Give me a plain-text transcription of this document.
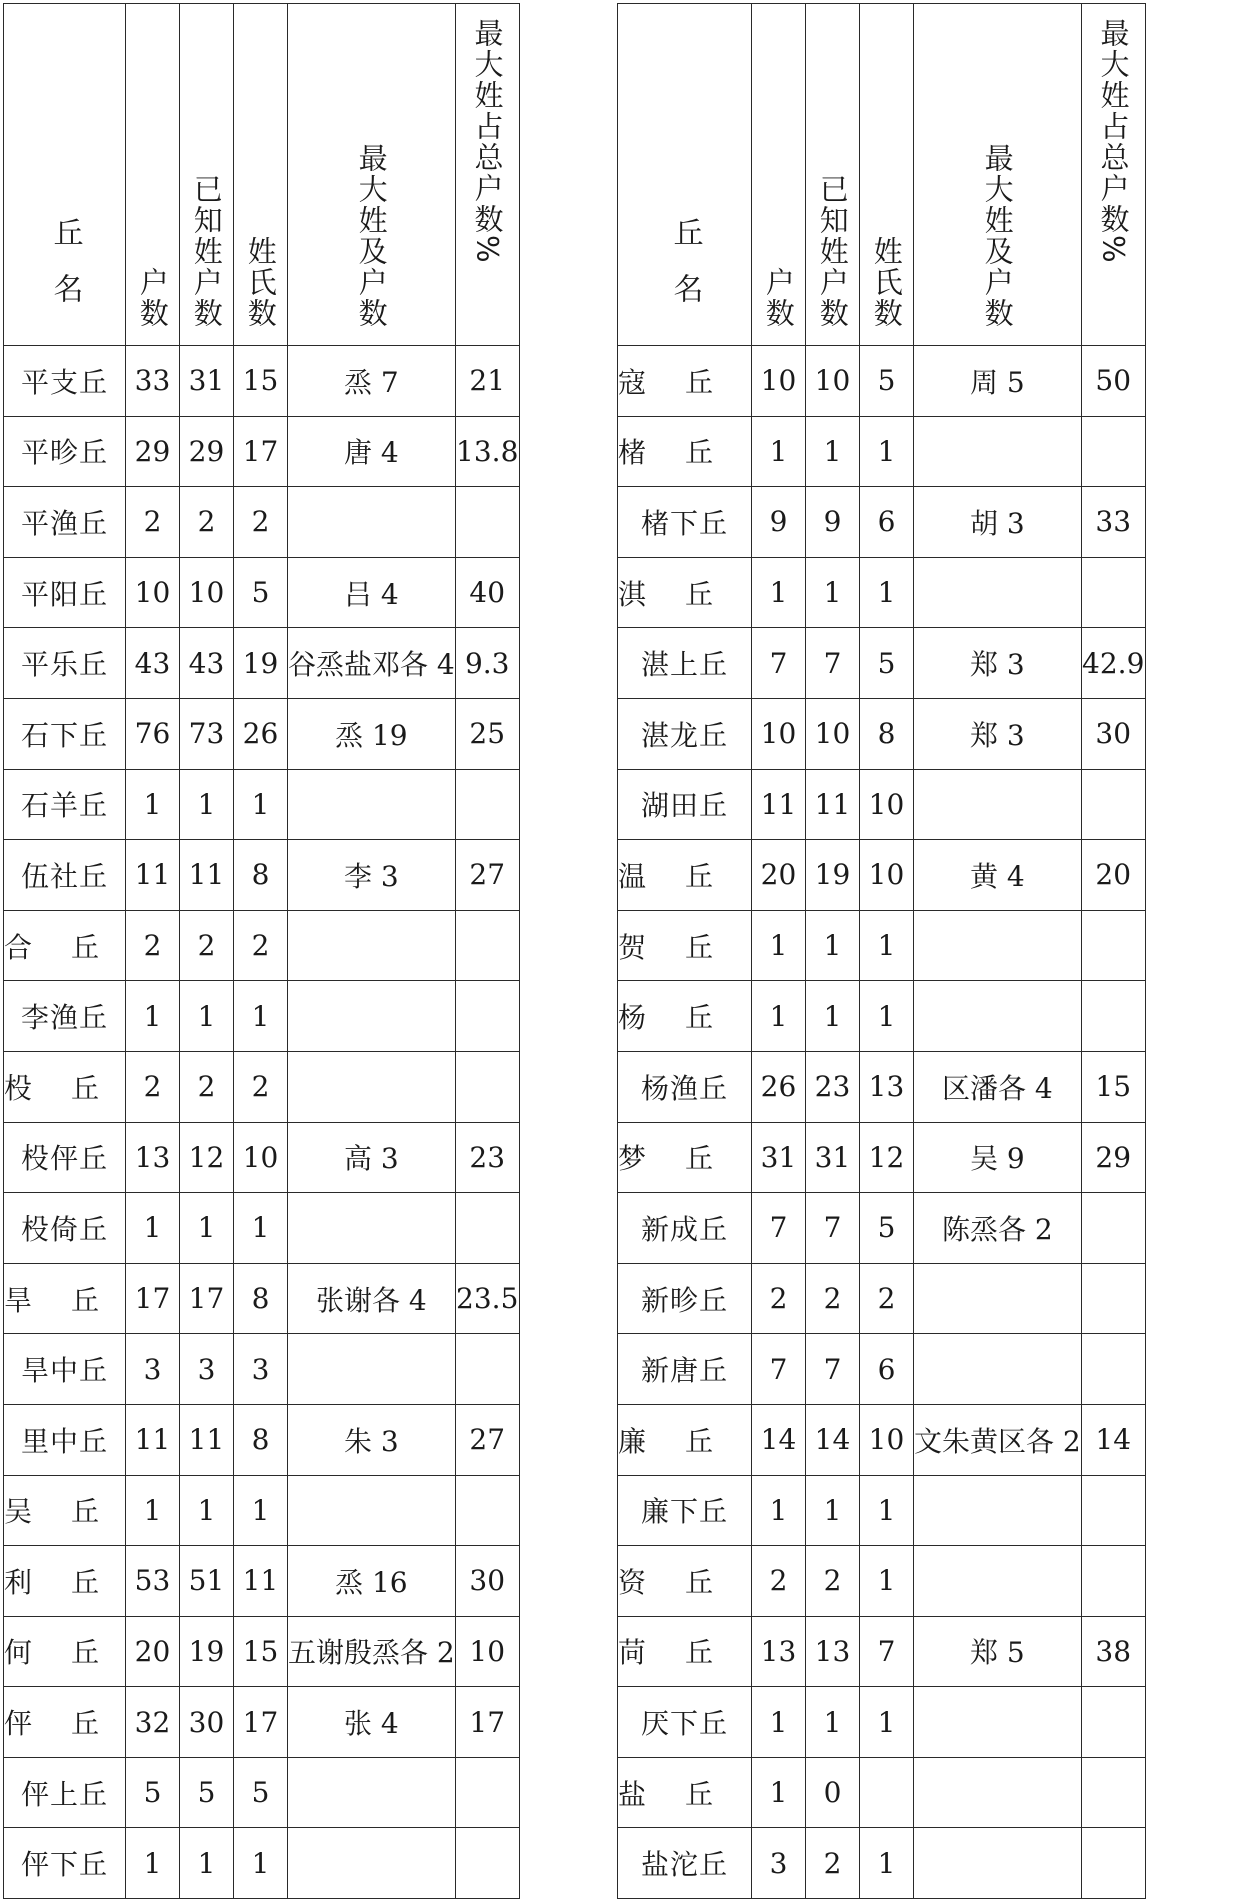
丘名	户数	已知姓户数	姓氏数	最大姓及户数	最大姓占总户数%
平支丘	33	31	15	烝 7	21
平昣丘	29	29	17	唐 4	13.8
平渔丘	2	2	2		
平阳丘	10	10	5	吕 4	40
平乐丘	43	43	19	谷烝盐邓各 4	9.3
石下丘	76	73	26	烝 19	25
石羊丘	1	1	1		
伍社丘	11	11	8	李 3	27

合 丘	2	2	2		
李渔丘	1	1	1		

杸 丘	2	2	2		
杸伻丘	13	12	10	高 3	23
杸倚丘	1	1	1		

旱 丘	17	17	8	张谢各 4	23.5
旱中丘	3	3	3		
里中丘	11	11	8	朱 3	27

吴 丘	1	1	1		

利 丘	53	51	11	烝 16	30

何 丘	20	19	15	五谢殷烝各 2	10

伻 丘	32	30	17	张 4	17
伻上丘	5	5	5		
伻下丘	1	1	1		
丘名	户数	已知姓户数	姓氏数	最大姓及户数	最大姓占总户数%

寇 丘	10	10	5	周 5	50

楮 丘	1	1	1		
楮下丘	9	9	6	胡 3	33

淇 丘	1	1	1		
湛上丘	7	7	5	郑 3	42.9
湛龙丘	10	10	8	郑 3	30
湖田丘	11	11	10		

温 丘	20	19	10	黄 4	20

贺 丘	1	1	1		

杨 丘	1	1	1		
杨渔丘	26	23	13	区潘各 4	15

梦 丘	31	31	12	吴 9	29
新成丘	7	7	5	陈烝各 2	
新昣丘	2	2	2		
新唐丘	7	7	6		

廉 丘	14	14	10	文朱黄区各 2	14
廉下丘	1	1	1		

资 丘	2	2	1		

苘 丘	13	13	7	郑 5	38
厌下丘	1	1	1		

盐 丘	1	0			
盐沱丘	3	2	1		
